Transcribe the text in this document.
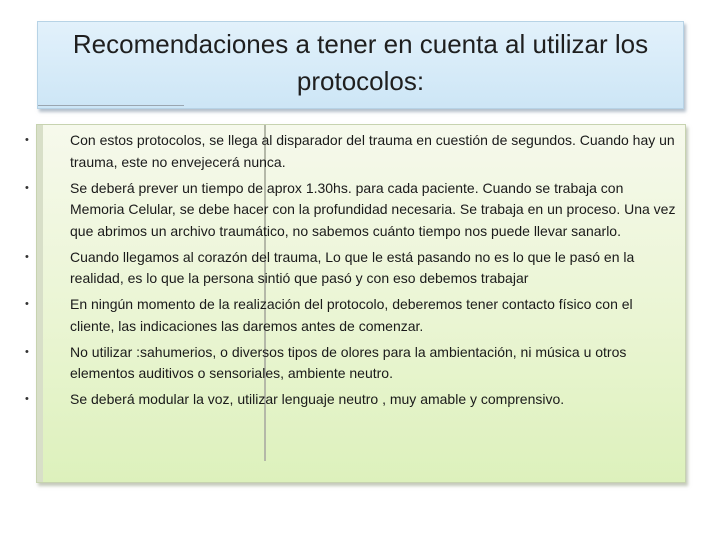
Recomendaciones a tener en cuenta al utilizar los protocolos:
•	Con estos protocolos, se llega al disparador del trauma en cuestión de segundos. Cuando hay un trauma, este no envejecerá nunca.
•	Se deberá prever un tiempo de aprox 1.30hs. para cada paciente. Cuando se trabaja con Memoria Celular, se debe hacer con la profundidad necesaria. Se trabaja en un proceso. Una vez que abrimos un archivo traumático, no sabemos cuánto tiempo nos puede llevar sanarlo.
•	Cuando llegamos al corazón del trauma, Lo que le está pasando no es lo que le pasó en la realidad, es lo que la persona sintió que pasó y con eso debemos trabajar
•	En ningún momento de la realización del protocolo, deberemos tener contacto físico con el cliente, las indicaciones las daremos antes de comenzar.
•	No utilizar :sahumerios, o diversos tipos de olores para la ambientación, ni música u otros elementos auditivos o sensoriales, ambiente neutro.
•	Se deberá modular la voz, utilizar lenguaje neutro , muy amable y comprensivo.
